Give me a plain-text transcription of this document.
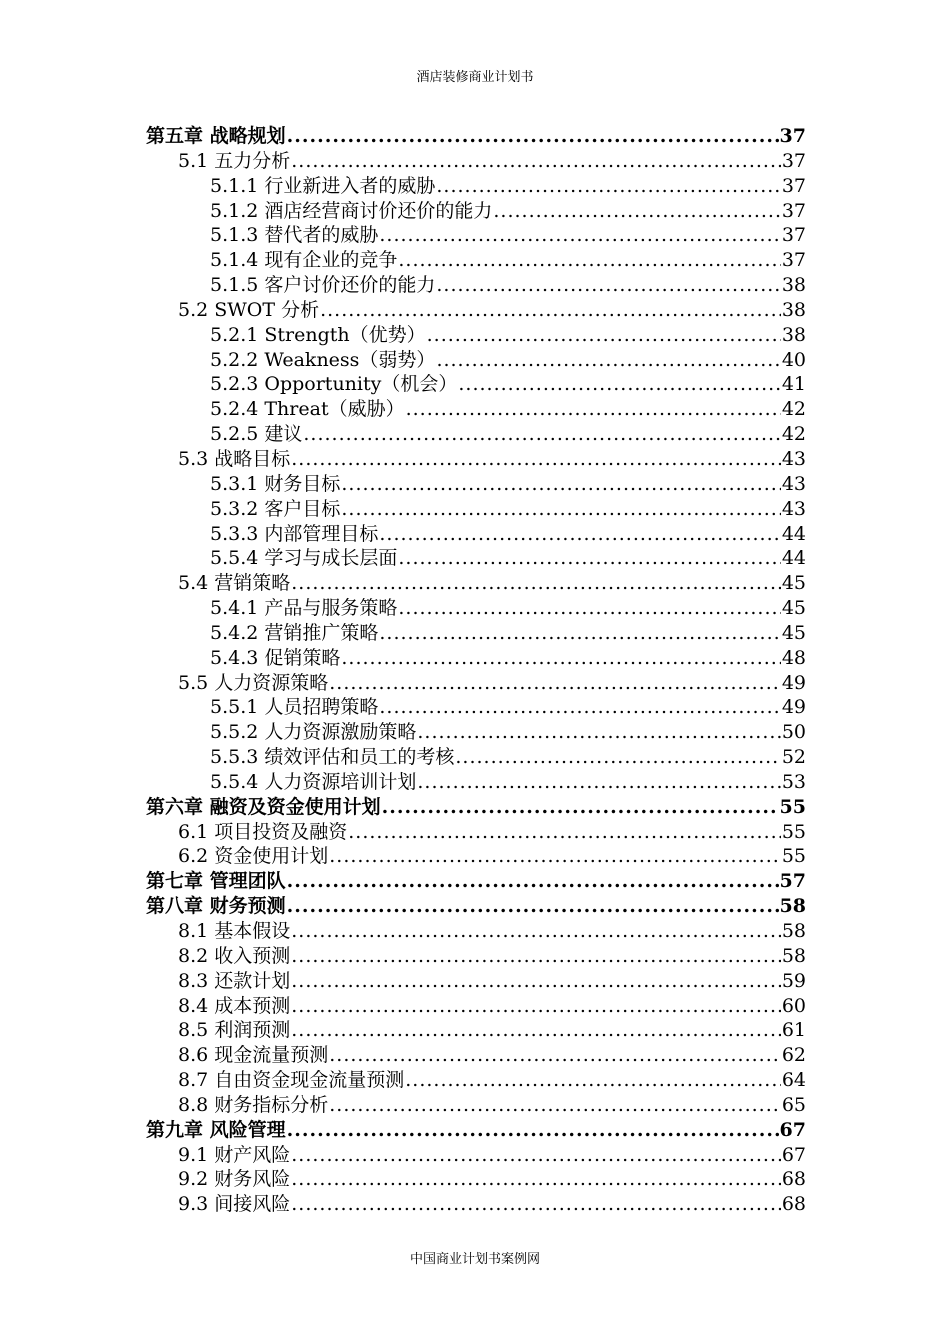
酒店装修商业计划书
第五章 战略规划 .....	37
5.1 五力分析 .....	37
5.1.1 行业新进入者的威胁 .....	37
5.1.2 酒店经营商讨价还价的能力 .....	37
5.1.3 替代者的威胁 .....	37
5.1.4 现有企业的竞争 .....	37
5.1.5 客户讨价还价的能力 .....	38
5.2 SWOT 分析 .....	38
5.2.1 Strength（优势） .....	38
5.2.2 Weakness（弱势） .....	40
5.2.3 Opportunity（机会） .....	41
5.2.4 Threat（威胁） .....	42
5.2.5 建议 .....	42
5.3 战略目标 .....	43
5.3.1 财务目标 .....	43
5.3.2 客户目标 .....	43
5.3.3 内部管理目标 .....	44
5.5.4 学习与成长层面 .....	44
5.4 营销策略 .....	45
5.4.1 产品与服务策略 .....	45
5.4.2 营销推广策略 .....	45
5.4.3 促销策略 .....	48
5.5 人力资源策略 .....	49
5.5.1 人员招聘策略 .....	49
5.5.2 人力资源激励策略 .....	50
5.5.3 绩效评估和员工的考核 .....	52
5.5.4 人力资源培训计划 .....	53
第六章 融资及资金使用计划 .....	55
6.1 项目投资及融资 .....	55
6.2 资金使用计划 .....	55
第七章 管理团队 .....	57
第八章 财务预测 .....	58
8.1 基本假设 .....	58
8.2 收入预测 .....	58
8.3 还款计划 .....	59
8.4 成本预测 .....	60
8.5 利润预测 .....	61
8.6 现金流量预测 .....	62
8.7 自由资金现金流量预测 .....	64
8.8 财务指标分析 .....	65
第九章 风险管理 .....	67
9.1 财产风险 .....	67
9.2 财务风险 .....	68
9.3 间接风险 .....	68
中国商业计划书案例网
